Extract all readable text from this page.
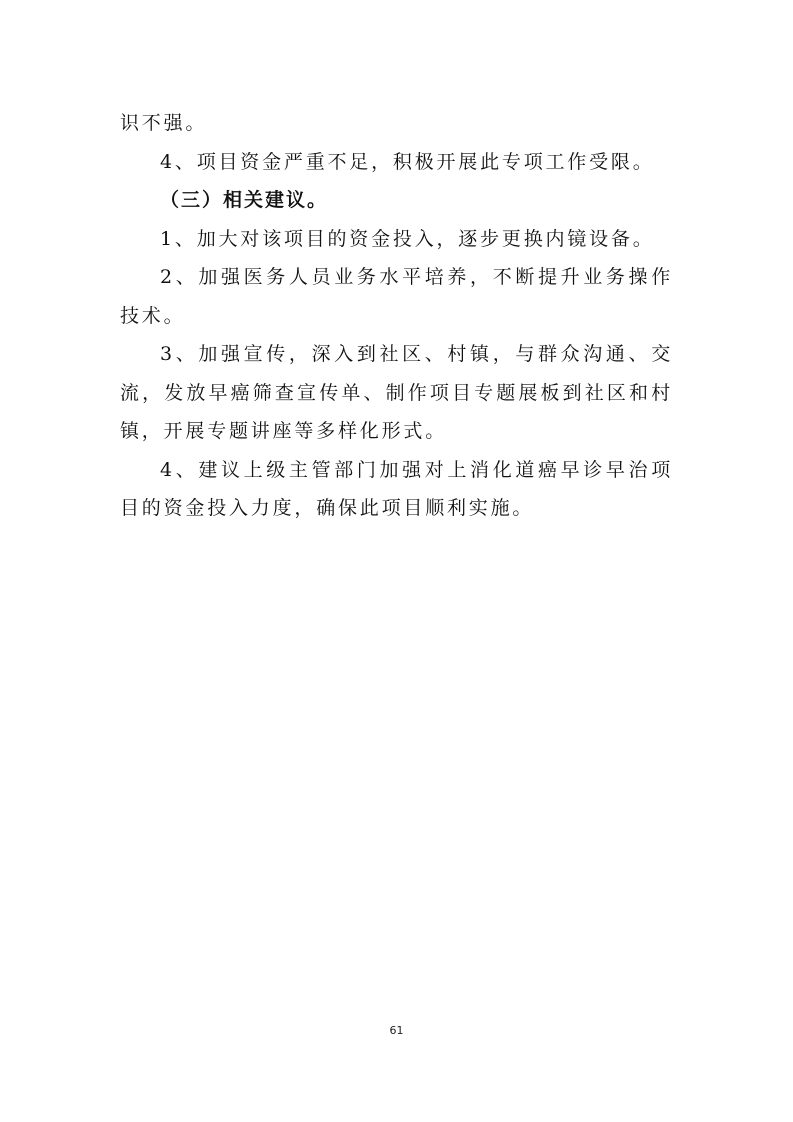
识不强。

4、项目资金严重不足，积极开展此专项工作受限。

（三）相关建议。

1、加大对该项目的资金投入，逐步更换内镜设备。

2、加强医务人员业务水平培养，不断提升业务操作技术。

3、加强宣传，深入到社区、村镇，与群众沟通、交流，发放早癌筛查宣传单、制作项目专题展板到社区和村镇，开展专题讲座等多样化形式。

4、建议上级主管部门加强对上消化道癌早诊早治项目的资金投入力度，确保此项目顺利实施。

61
